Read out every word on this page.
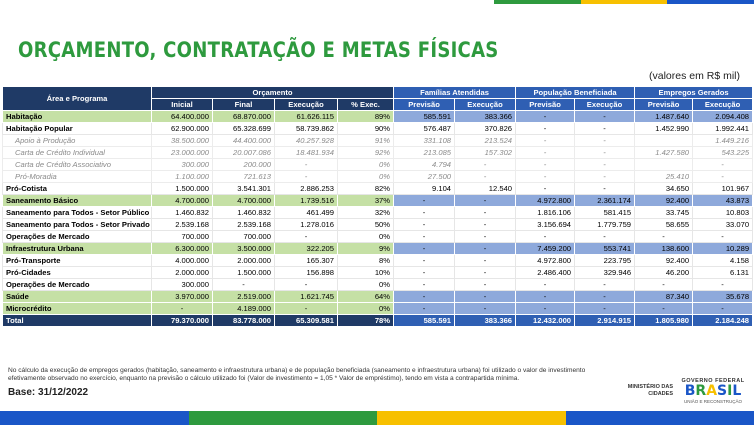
ORÇAMENTO, CONTRATAÇÃO E METAS FÍSICAS
(valores em R$ mil)
Área e Programa	Orçamento				Famílias Atendidas		População Beneficiada		Empregos Gerados	
	Inicial	Final	Execução	% Exec.	Previsão	Execução	Previsão	Execução	Previsão	Execução
Habitação	64.400.000	68.870.000	61.626.115	89%	585.591	383.366	-	-	1.487.640	2.094.408
Habitação Popular	62.900.000	65.328.699	58.739.862	90%	576.487	370.826	-	-	1.452.990	1.992.441
Apoio à Produção	38.500.000	44.400.000	40.257.928	91%	331.108	213.524	-	-		1.449.216
Carta de Crédito Individual	23.000.000	20.007.086	18.481.934	92%	213.085	157.302	-	-	1.427.580	543.225
Carta de Crédito Associativo	300.000	200.000	-	0%	4.794	-	-	-		-
Pró-Moradia	1.100.000	721.613	-	0%	27.500	-	-	-	25.410	-
Pró-Cotista	1.500.000	3.541.301	2.886.253	82%	9.104	12.540	-	-	34.650	101.967
Saneamento Básico	4.700.000	4.700.000	1.739.516	37%	-	-	4.972.800	2.361.174	92.400	43.873
Saneamento para Todos - Setor Público	1.460.832	1.460.832	461.499	32%	-	-	1.816.106	581.415	33.745	10.803
Saneamento para Todos - Setor Privado	2.539.168	2.539.168	1.278.016	50%	-	-	3.156.694	1.779.759	58.655	33.070
Operações de Mercado	700.000	700.000	-	0%	-	-	-	-	-	-
Infraestrutura Urbana	6.300.000	3.500.000	322.205	9%	-	-	7.459.200	553.741	138.600	10.289
Pró-Transporte	4.000.000	2.000.000	165.307	8%	-	-	4.972.800	223.795	92.400	4.158
Pró-Cidades	2.000.000	1.500.000	156.898	10%	-	-	2.486.400	329.946	46.200	6.131
Operações de Mercado	300.000	-	-	0%	-	-	-	-	-	-
Saúde	3.970.000	2.519.000	1.621.745	64%	-	-	-	-	87.340	35.678
Microcrédito	-	4.189.000	-	0%	-	-	-	-	-	-
Total	79.370.000	83.778.000	65.309.581	78%	585.591	383.366	12.432.000	2.914.915	1.805.980	2.184.248

No cálculo da execução de empregos gerados (habitação, saneamento e infraestrutura urbana) e de população beneficiada (saneamento e infraestrutura urbana) foi utilizado o valor de investimento efetivamente observado no exercício, enquanto na previsão o cálculo utilizado foi (Valor de investimento = 1,05 * Valor de empréstimo), tendo em vista a contrapartida mínima.

Base: 31/12/2022	MINISTÉRIO DAS
CIDADES
GOVERNO FEDERAL
B R A S I L
UNIÃO E RECONSTRUÇÃO
